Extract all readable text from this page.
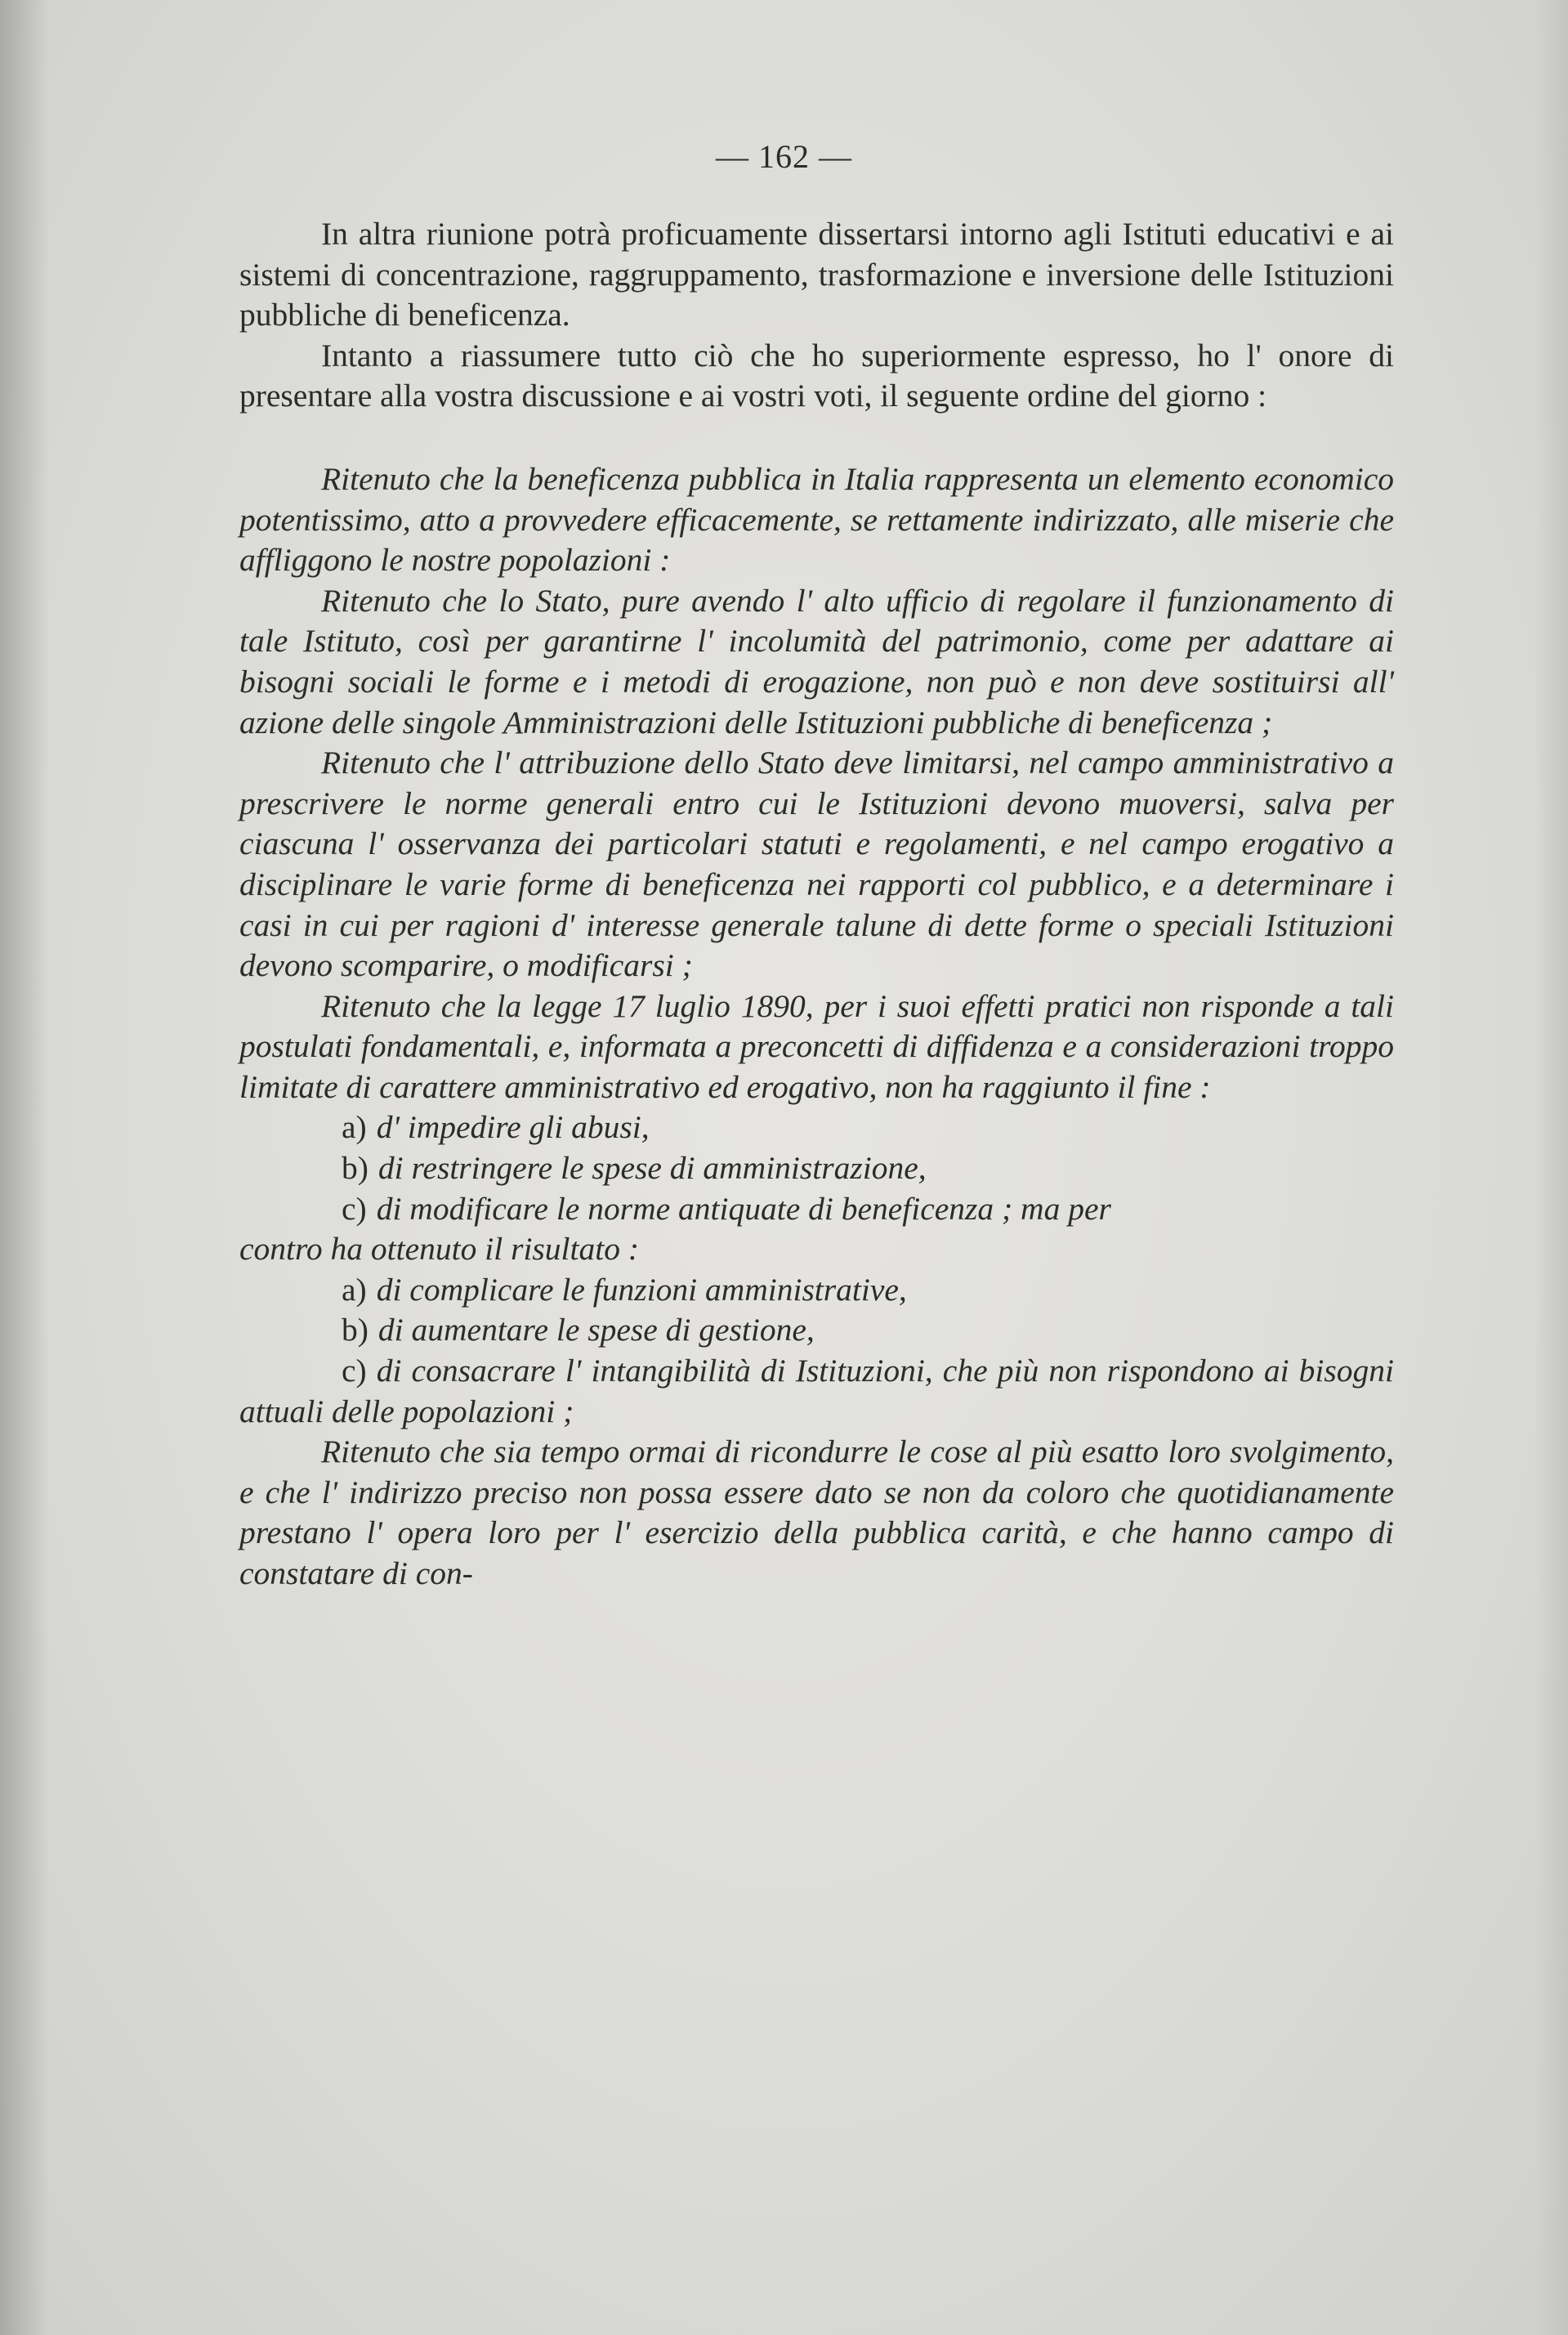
— 162 —

In altra riunione potrà proficuamente dissertarsi intorno agli Istituti educativi e ai sistemi di concentrazione, raggruppamento, trasformazione e inversione delle Istituzioni pubbliche di beneficenza.

Intanto a riassumere tutto ciò che ho superiormente espresso, ho l' onore di presentare alla vostra discussione e ai vostri voti, il seguente ordine del giorno :

Ritenuto che la beneficenza pubblica in Italia rappresenta un elemento economico potentissimo, atto a provvedere efficacemente, se rettamente indirizzato, alle miserie che affliggono le nostre popolazioni :

Ritenuto che lo Stato, pure avendo l' alto ufficio di regolare il funzionamento di tale Istituto, così per garantirne l' incolumità del patrimonio, come per adattare ai bisogni sociali le forme e i metodi di erogazione, non può e non deve sostituirsi all' azione delle singole Amministrazioni delle Istituzioni pubbliche di beneficenza ;

Ritenuto che l' attribuzione dello Stato deve limitarsi, nel campo amministrativo a prescrivere le norme generali entro cui le Istituzioni devono muoversi, salva per ciascuna l' osservanza dei particolari statuti e regolamenti, e nel campo erogativo a disciplinare le varie forme di beneficenza nei rapporti col pubblico, e a determinare i casi in cui per ragioni d' interesse generale talune di dette forme o speciali Istituzioni devono scomparire, o modificarsi ;

Ritenuto che la legge 17 luglio 1890, per i suoi effetti pratici non risponde a tali postulati fondamentali, e, informata a preconcetti di diffidenza e a considerazioni troppo limitate di carattere amministrativo ed erogativo, non ha raggiunto il fine :

a) d' impedire gli abusi,

b) di restringere le spese di amministrazione,

c) di modificare le norme antiquate di beneficenza ; ma per

contro ha ottenuto il risultato :

a) di complicare le funzioni amministrative,

b) di aumentare le spese di gestione,

c) di consacrare l' intangibilità di Istituzioni, che più non rispondono ai bisogni attuali delle popolazioni ;

Ritenuto che sia tempo ormai di ricondurre le cose al più esatto loro svolgimento, e che l' indirizzo preciso non possa essere dato se non da coloro che quotidianamente prestano l' opera loro per l' esercizio della pubblica carità, e che hanno campo di constatare di con-
